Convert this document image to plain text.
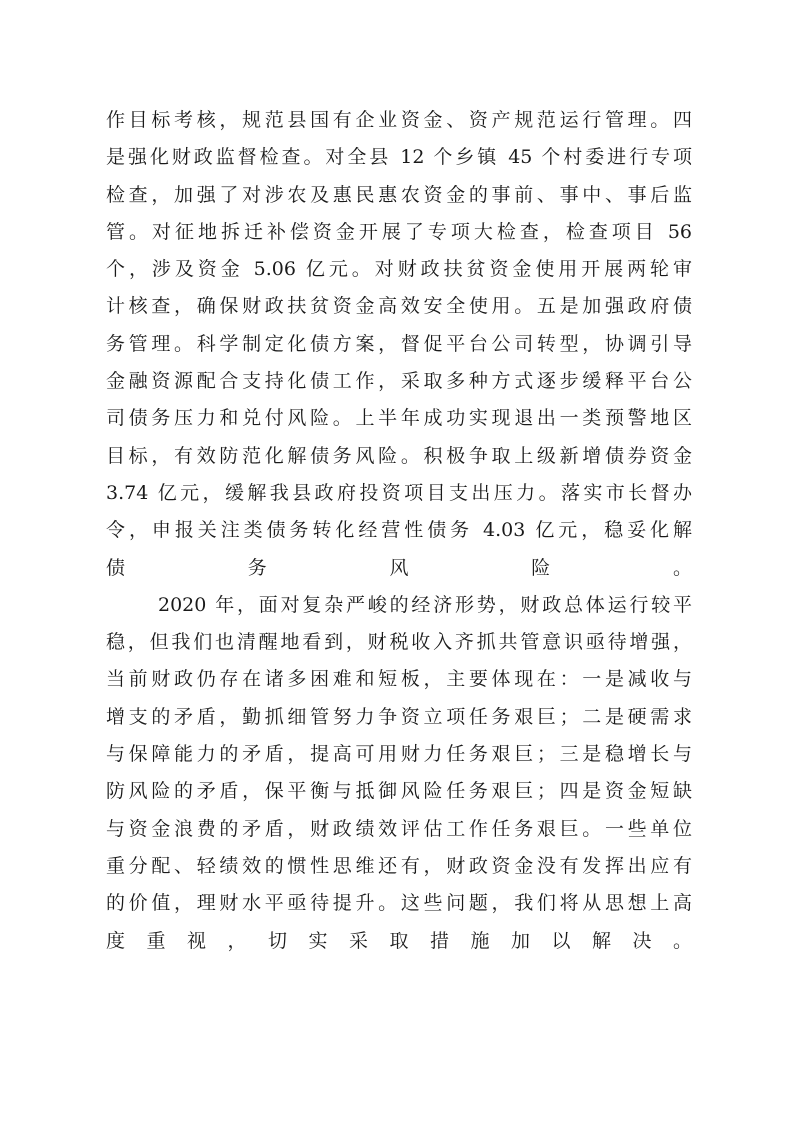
作目标考核，规范县国有企业资金、资产规范运行管理。四
是强化财政监督检查。对全县 12 个乡镇 45 个村委进行专项
检查，加强了对涉农及惠民惠农资金的事前、事中、事后监
管。对征地拆迁补偿资金开展了专项大检查，检查项目 56
个，涉及资金 5.06 亿元。对财政扶贫资金使用开展两轮审
计核查，确保财政扶贫资金高效安全使用。五是加强政府债
务管理。科学制定化债方案，督促平台公司转型，协调引导
金融资源配合支持化债工作，采取多种方式逐步缓释平台公
司债务压力和兑付风险。上半年成功实现退出一类预警地区
目标，有效防范化解债务风险。积极争取上级新增债券资金
3.74 亿元，缓解我县政府投资项目支出压力。落实市长督办
令，申报关注类债务转化经营性债务 4.03 亿元，稳妥化解
债务风险。
2020 年，面对复杂严峻的经济形势，财政总体运行较平
稳，但我们也清醒地看到，财税收入齐抓共管意识亟待增强，
当前财政仍存在诸多困难和短板，主要体现在：一是减收与
增支的矛盾，勤抓细管努力争资立项任务艰巨；二是硬需求
与保障能力的矛盾，提高可用财力任务艰巨；三是稳增长与
防风险的矛盾，保平衡与抵御风险任务艰巨；四是资金短缺
与资金浪费的矛盾，财政绩效评估工作任务艰巨。一些单位
重分配、轻绩效的惯性思维还有，财政资金没有发挥出应有
的价值，理财水平亟待提升。这些问题，我们将从思想上高
度重视，切实采取措施加以解决。
